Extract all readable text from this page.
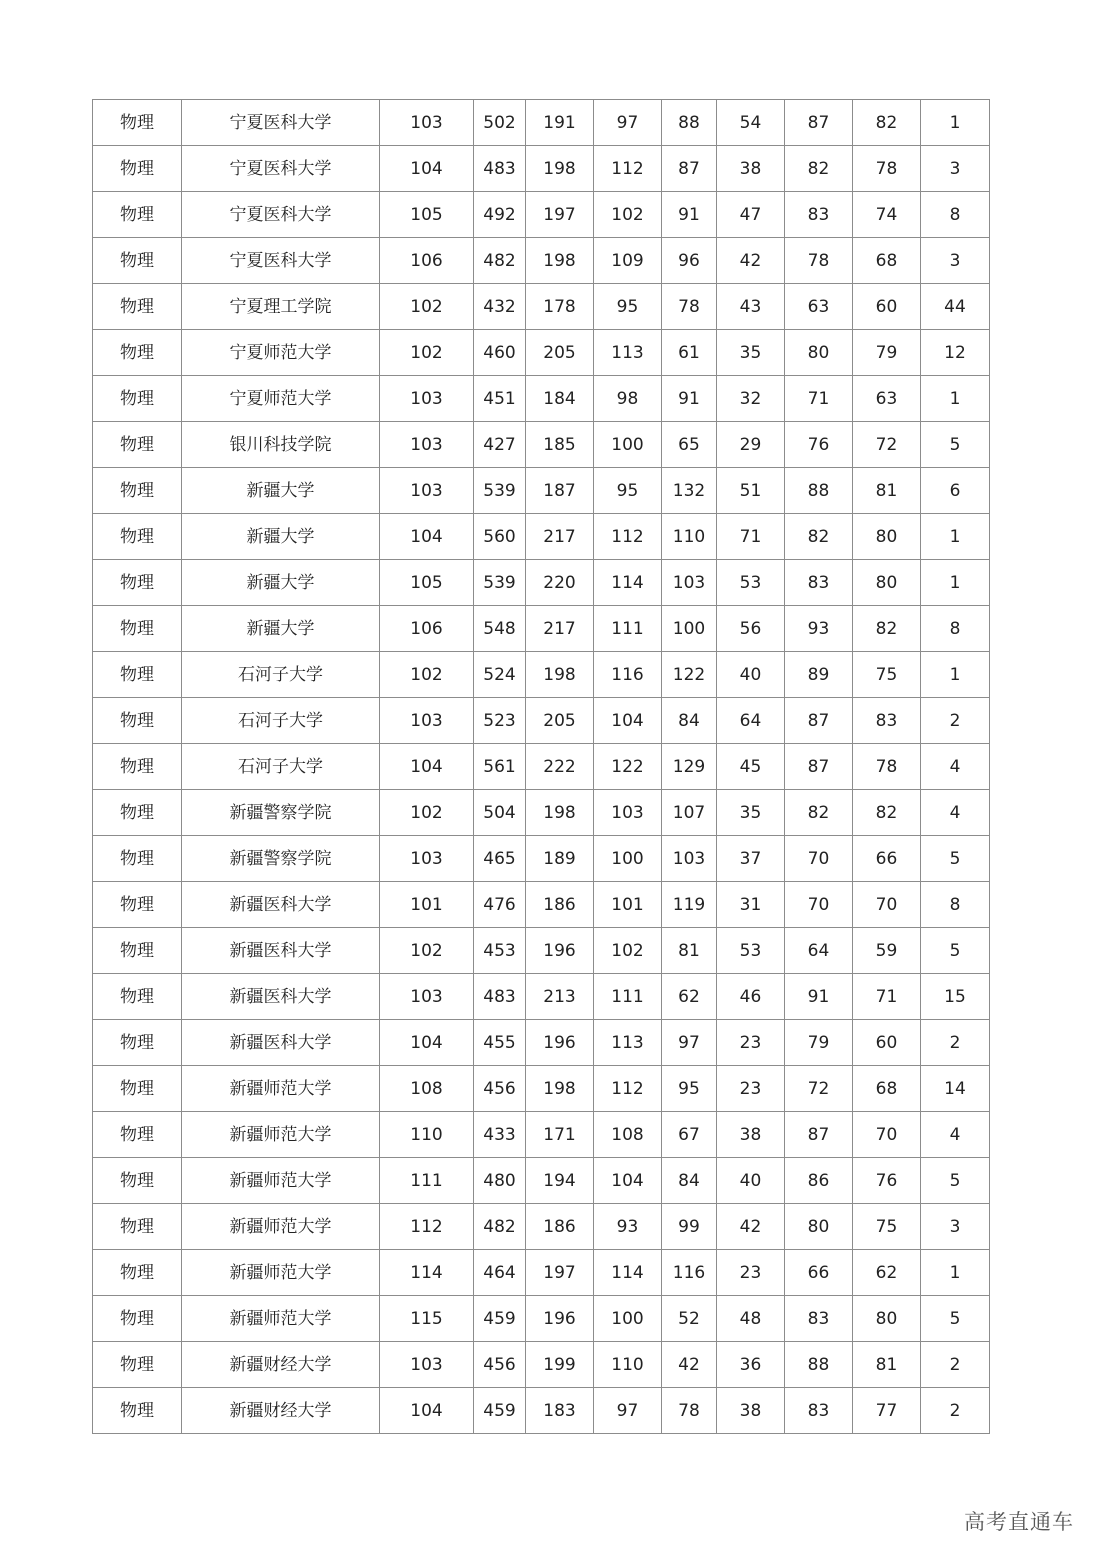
物理	宁夏医科大学	103	502	191	97	88	54	87	82	1
物理	宁夏医科大学	104	483	198	112	87	38	82	78	3
物理	宁夏医科大学	105	492	197	102	91	47	83	74	8
物理	宁夏医科大学	106	482	198	109	96	42	78	68	3
物理	宁夏理工学院	102	432	178	95	78	43	63	60	44
物理	宁夏师范大学	102	460	205	113	61	35	80	79	12
物理	宁夏师范大学	103	451	184	98	91	32	71	63	1
物理	银川科技学院	103	427	185	100	65	29	76	72	5
物理	新疆大学	103	539	187	95	132	51	88	81	6
物理	新疆大学	104	560	217	112	110	71	82	80	1
物理	新疆大学	105	539	220	114	103	53	83	80	1
物理	新疆大学	106	548	217	111	100	56	93	82	8
物理	石河子大学	102	524	198	116	122	40	89	75	1
物理	石河子大学	103	523	205	104	84	64	87	83	2
物理	石河子大学	104	561	222	122	129	45	87	78	4
物理	新疆警察学院	102	504	198	103	107	35	82	82	4
物理	新疆警察学院	103	465	189	100	103	37	70	66	5
物理	新疆医科大学	101	476	186	101	119	31	70	70	8
物理	新疆医科大学	102	453	196	102	81	53	64	59	5
物理	新疆医科大学	103	483	213	111	62	46	91	71	15
物理	新疆医科大学	104	455	196	113	97	23	79	60	2
物理	新疆师范大学	108	456	198	112	95	23	72	68	14
物理	新疆师范大学	110	433	171	108	67	38	87	70	4
物理	新疆师范大学	111	480	194	104	84	40	86	76	5
物理	新疆师范大学	112	482	186	93	99	42	80	75	3
物理	新疆师范大学	114	464	197	114	116	23	66	62	1
物理	新疆师范大学	115	459	196	100	52	48	83	80	5
物理	新疆财经大学	103	456	199	110	42	36	88	81	2
物理	新疆财经大学	104	459	183	97	78	38	83	77	2
高考直通车
